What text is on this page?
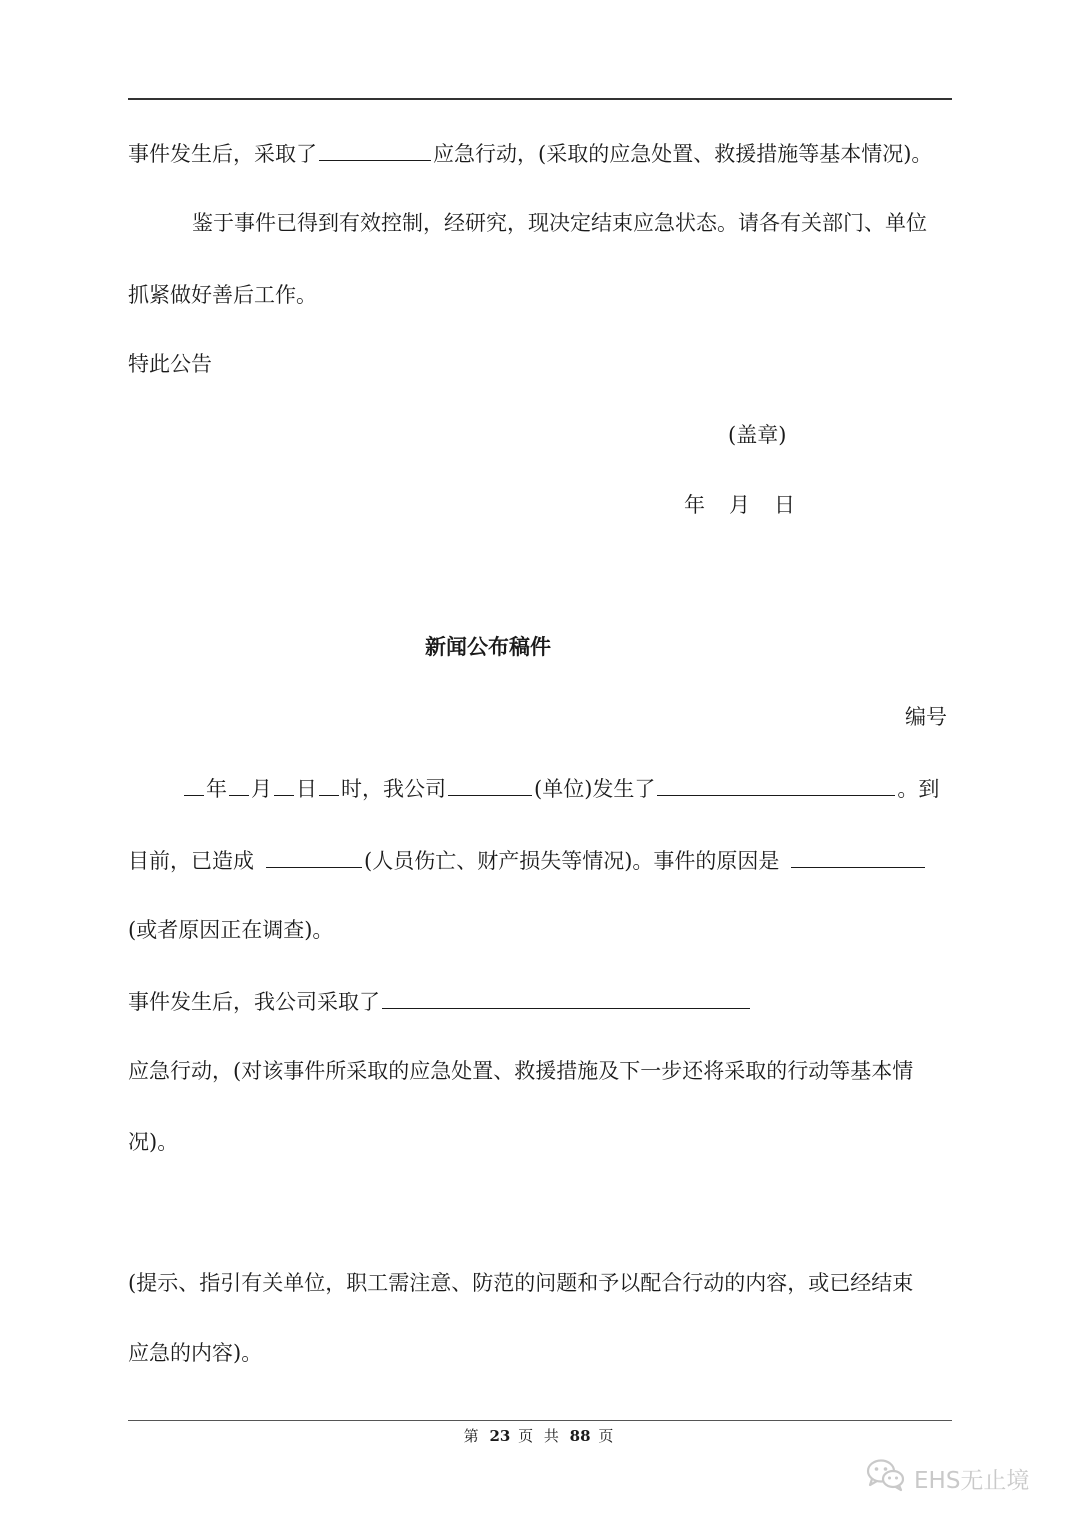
事件发生后，采取了	应急行动，(采取的应急处置、救援措施等基本情况)。
鉴于事件已得到有效控制，经研究，现决定结束应急状态。请各有关部门、单位
抓紧做好善后工作。
特此公告
(盖章)
年 月 日
新闻公布稿件
编号
年 月 日 时，我公司	(单位)发生了	。到
目前，已造成	(人员伤亡、财产损失等情况)。事件的原因是
(或者原因正在调查)。
事件发生后，我公司采取了
应急行动，(对该事件所采取的应急处置、救援措施及下一步还将采取的行动等基本情
况)。
(提示、指引有关单位，职工需注意、防范的问题和予以配合行动的内容，或已经结束
应急的内容)。
第 23 页 共 88 页
EHS无止境
